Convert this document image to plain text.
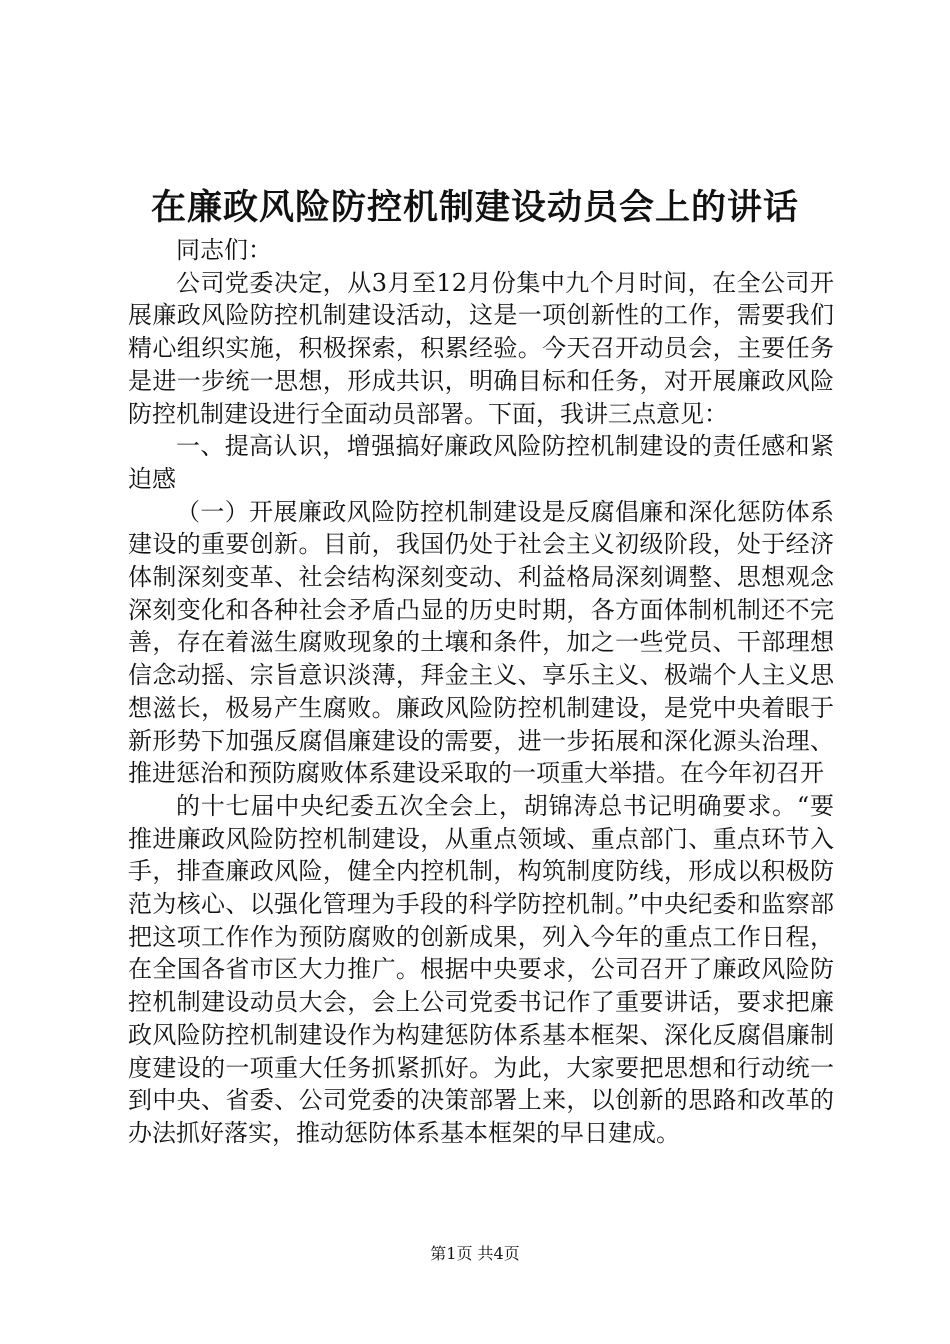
在廉政风险防控机制建设动员会上的讲话

同志们：

公司党委决定，从3月至12月份集中九个月时间，在全公司开展廉政风险防控机制建设活动，这是一项创新性的工作，需要我们精心组织实施，积极探索，积累经验。今天召开动员会，主要任务是进一步统一思想，形成共识，明确目标和任务，对开展廉政风险防控机制建设进行全面动员部署。下面，我讲三点意见：

一、提高认识，增强搞好廉政风险防控机制建设的责任感和紧迫感

（一）开展廉政风险防控机制建设是反腐倡廉和深化惩防体系建设的重要创新。目前，我国仍处于社会主义初级阶段，处于经济体制深刻变革、社会结构深刻变动、利益格局深刻调整、思想观念深刻变化和各种社会矛盾凸显的历史时期，各方面体制机制还不完善，存在着滋生腐败现象的土壤和条件，加之一些党员、干部理想信念动摇、宗旨意识淡薄，拜金主义、享乐主义、极端个人主义思想滋长，极易产生腐败。廉政风险防控机制建设，是党中央着眼于新形势下加强反腐倡廉建设的需要，进一步拓展和深化源头治理、推进惩治和预防腐败体系建设采取的一项重大举措。在今年初召开

的十七届中央纪委五次全会上，胡锦涛总书记明确要求。“要推进廉政风险防控机制建设，从重点领域、重点部门、重点环节入手，排查廉政风险，健全内控机制，构筑制度防线，形成以积极防范为核心、以强化管理为手段的科学防控机制。”中央纪委和监察部把这项工作作为预防腐败的创新成果，列入今年的重点工作日程，在全国各省市区大力推广。根据中央要求，公司召开了廉政风险防控机制建设动员大会，会上公司党委书记作了重要讲话，要求把廉政风险防控机制建设作为构建惩防体系基本框架、深化反腐倡廉制度建设的一项重大任务抓紧抓好。为此，大家要把思想和行动统一到中央、省委、公司党委的决策部署上来，以创新的思路和改革的办法抓好落实，推动惩防体系基本框架的早日建成。

第1页 共4页
